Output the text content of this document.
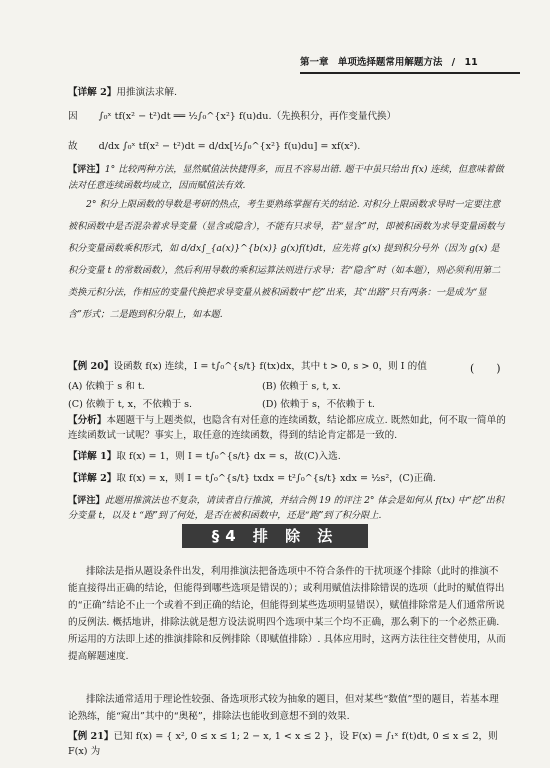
第一章 单项选择题常用解题方法 / 11
【详解 2】用推演法求解.
因 ∫₀ˣ tf(x² − t²)dt ══ ½∫₀^{x²} f(u)du.（先换积分，再作变量代换）
故 d/dx ∫₀ˣ tf(x² − t²)dt = d/dx[½∫₀^{x²} f(u)du] = xf(x²).
【评注】1° 比较两种方法，显然赋值法快捷得多，而且不容易出错. 题干中虽只给出 f(x) 连续，但意味着做法对任意连续函数均成立，因而赋值法有效.
2° 积分上限函数的导数是考研的热点，考生要熟练掌握有关的结论. 对积分上限函数求导时一定要注意被积函数中是否混杂着求导变量（显含或隐含），不能有只求导，若“显含”时，即被积函数为求导变量函数与积分变量函数乘积形式，如 d/dx∫_{a(x)}^{b(x)} g(x)f(t)dt，应先将 g(x) 提到积分号外（因为 g(x) 是积分变量 t 的常数函数），然后利用导数的乘积运算法则进行求导；若“隐含”时（如本题），则必须利用第二类换元积分法，作相应的变量代换把求导变量从被积函数中“挖”出来，其“出路”只有两条：一是成为“显含”形式；二是跑到积分限上，如本题.
【例 20】设函数 f(x) 连续，I = t∫₀^{s/t} f(tx)dx，其中 t > 0, s > 0，则 I 的值	(　　)
(A) 依赖于 s 和 t.	(B) 依赖于 s, t, x.
(C) 依赖于 t, x，不依赖于 s.	(D) 依赖于 s，不依赖于 t.
【分析】本题题干与上题类似，也隐含有对任意的连续函数，结论都应成立. 既然如此，何不取一简单的连续函数试一试呢？事实上，取任意的连续函数，得到的结论肯定都是一致的.
【详解 1】取 f(x) = 1，则 I = t∫₀^{s/t} dx = s，故(C)入选.
【详解 2】取 f(x) = x，则 I = t∫₀^{s/t} txdx = t²∫₀^{s/t} xdx = ½s²，(C)正确.
【评注】此题用推演法也不复杂，请读者自行推演，并结合例 19 的评注 2° 体会是如何从 f(tx) 中“挖”出积分变量 t，以及 t “跑”到了何处，是否在被积函数中，还是“跑”到了积分限上.
§4 排 除 法
排除法是指从题设条件出发，利用推演法把备选项中不符合条件的干扰项逐个排除（此时的推演不能直接得出正确的结论，但能得到哪些选项是错误的）；或利用赋值法排除错误的选项（此时的赋值得出的“正确”结论不止一个或着不到正确的结论，但能得到某些选项明显错误），赋值排除常是人们通常所说的反例法. 概括地讲，排除法就是想方设法说明四个选项中某三个均不正确，那么剩下的一个必然正确. 所运用的方法即上述的推演排除和反例排除（即赋值排除）. 具体应用时，这两方法往往交替使用，从而提高解题速度.
排除法通常适用于理论性较强、备选项形式较为抽象的题目，但对某些“数值”型的题目，若基本理论熟练，能“窥出”其中的“奥秘”，排除法也能收到意想不到的效果.
【例 21】已知 f(x) = { x², 0 ≤ x ≤ 1; 2 − x, 1 < x ≤ 2 }，设 F(x) = ∫₁ˣ f(t)dt, 0 ≤ x ≤ 2，则 F(x) 为
